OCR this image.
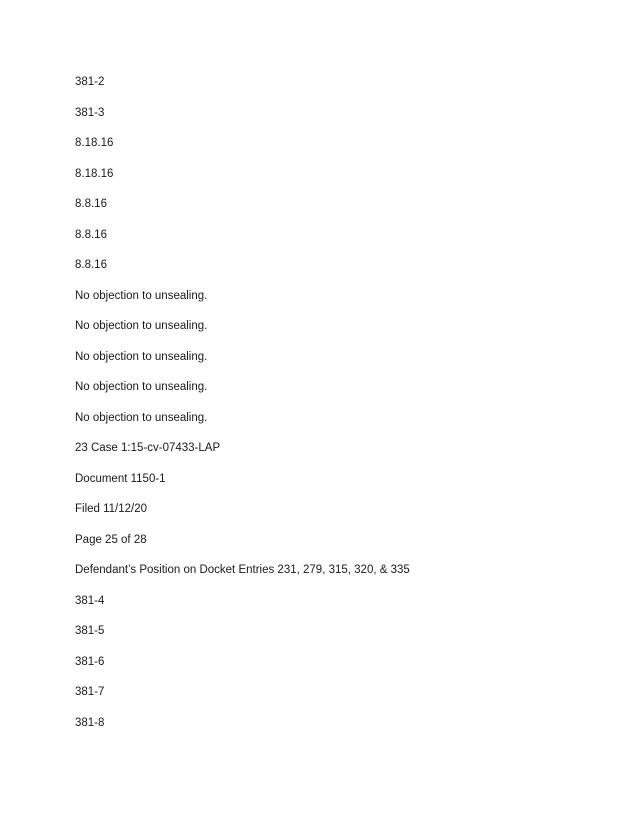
381-2
381-3
8.18.16
8.18.16
8.8.16
8.8.16
8.8.16
No objection to unsealing.
No objection to unsealing.
No objection to unsealing.
No objection to unsealing.
No objection to unsealing.
23 Case 1:15-cv-07433-LAP
Document 1150-1
Filed 11/12/20
Page 25 of 28
Defendant’s Position on Docket Entries 231, 279, 315, 320, & 335
381-4
381-5
381-6
381-7
381-8
